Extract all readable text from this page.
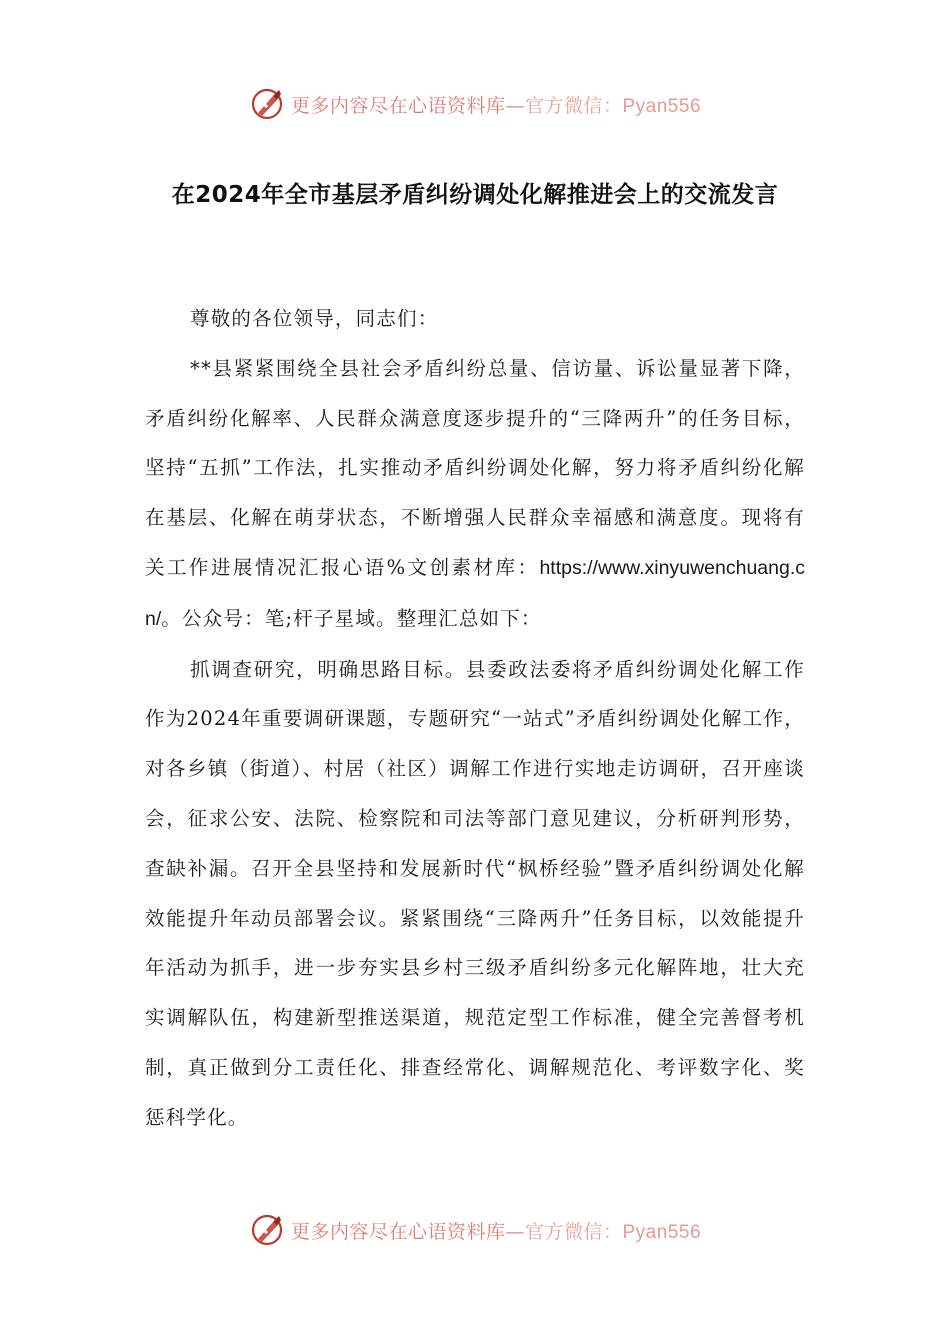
更多内容尽在心语资料库—官方微信：Pyan556
在2024年全市基层矛盾纠纷调处化解推进会上的交流发言

尊敬的各位领导，同志们：

**县紧紧围绕全县社会矛盾纠纷总量、信访量、诉讼量显著下降，矛盾纠纷化解率、人民群众满意度逐步提升的“三降两升”的任务目标，坚持“五抓”工作法，扎实推动矛盾纠纷调处化解，努力将矛盾纠纷化解在基层、化解在萌芽状态，不断增强人民群众幸福感和满意度。现将有关工作进展情况汇报心语%文创素材库：https://www.xinyuwenchuang.cn/。公众号：笔;杆子星域。整理汇总如下：

抓调查研究，明确思路目标。县委政法委将矛盾纠纷调处化解工作作为2024年重要调研课题，专题研究“一站式”矛盾纠纷调处化解工作，对各乡镇（街道）、村居（社区）调解工作进行实地走访调研，召开座谈会，征求公安、法院、检察院和司法等部门意见建议，分析研判形势，查缺补漏。召开全县坚持和发展新时代“枫桥经验”暨矛盾纠纷调处化解效能提升年动员部署会议。紧紧围绕“三降两升”任务目标，以效能提升年活动为抓手，进一步夯实县乡村三级矛盾纠纷多元化解阵地，壮大充实调解队伍，构建新型推送渠道，规范定型工作标准，健全完善督考机制，真正做到分工责任化、排查经常化、调解规范化、考评数字化、奖惩科学化。

更多内容尽在心语资料库—官方微信：Pyan556
